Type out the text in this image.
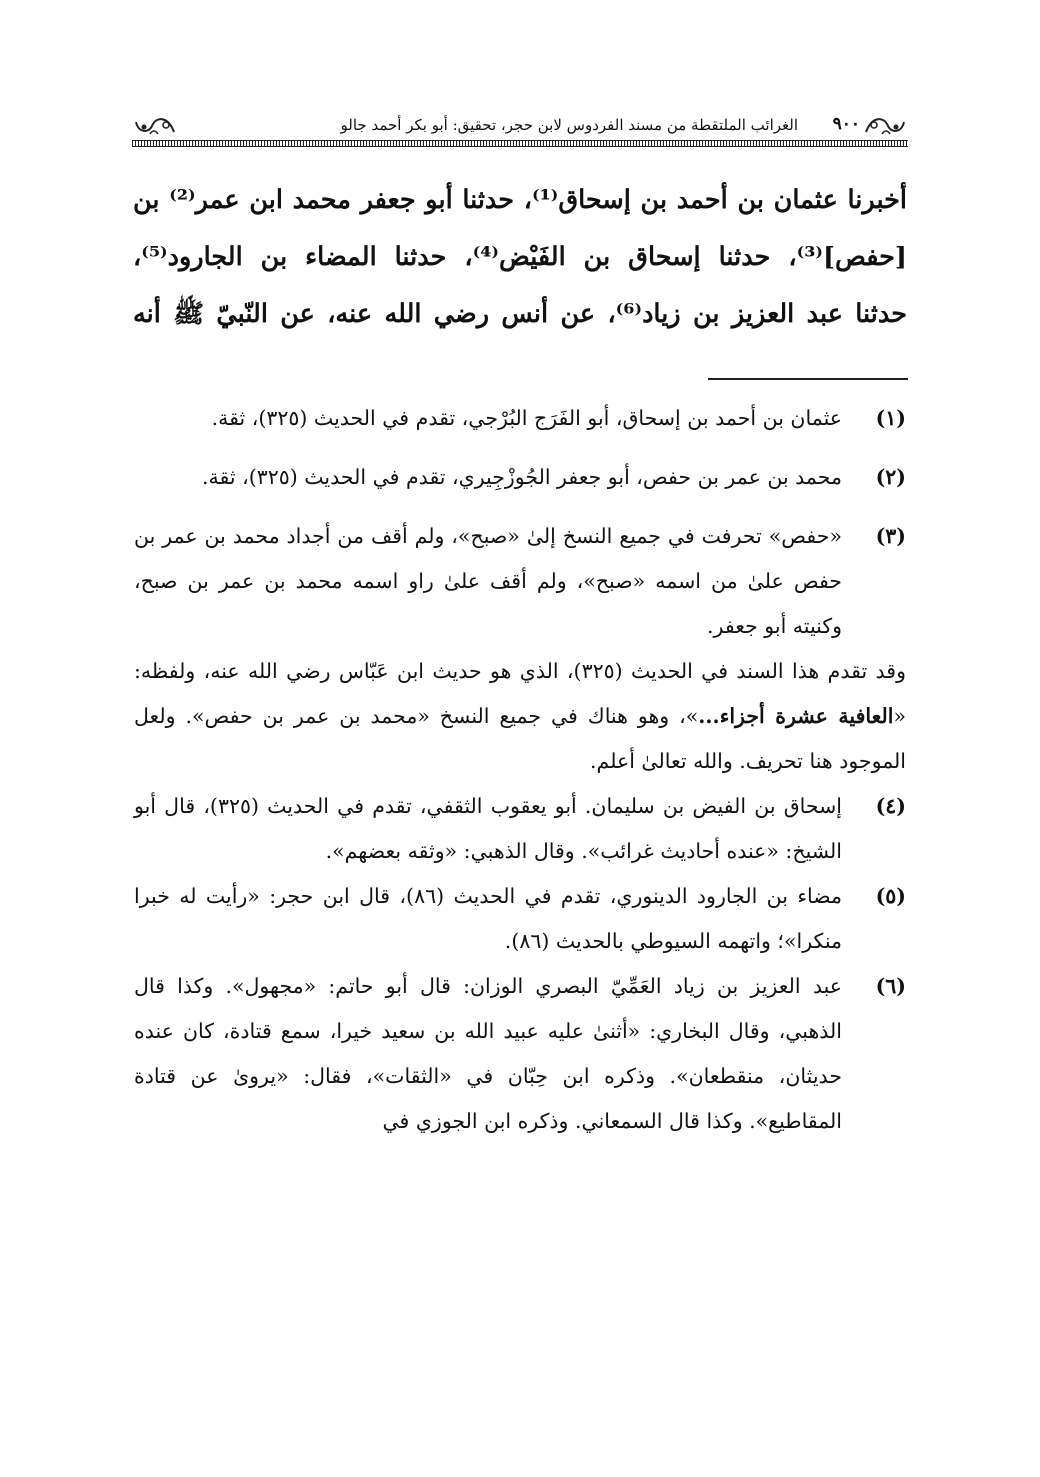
٩٠٠
الغرائب الملتقطة من مسند الفردوس لابن حجر، تحقيق: أبو بكر أحمد جالو

أخبرنا عثمان بن أحمد بن إسحاق⁽¹⁾، حدثنا أبو جعفر محمد ابن عمر⁽²⁾ بن

[حفص]⁽³⁾، حدثنا إسحاق بن الفَيْض⁽⁴⁾، حدثنا المضاء بن الجارود⁽⁵⁾،

حدثنا عبد العزيز بن زياد⁽⁶⁾، عن أنس رضي الله عنه، عن النّبيّ ﷺ أنه

(١)
عثمان بن أحمد بن إسحاق، أبو الفَرَج البُرْجي، تقدم في الحديث (٣٢٥)، ثقة.
(٢)
محمد بن عمر بن حفص، أبو جعفر الجُوزْجِيري، تقدم في الحديث (٣٢٥)، ثقة.
(٣)
«حفص» تحرفت في جميع النسخ إلىٰ «صبح»، ولم أقف من أجداد محمد بن عمر بن حفص علىٰ من اسمه «صبح»، ولم أقف علىٰ راو اسمه محمد بن عمر بن صبح، وكنيته أبو جعفر.

وقد تقدم هذا السند في الحديث (٣٢٥)، الذي هو حديث ابن عَبّاس رضي الله عنه، ولفظه: «العافية عشرة أجزاء...»، وهو هناك في جميع النسخ «محمد بن عمر بن حفص». ولعل الموجود هنا تحريف. والله تعالىٰ أعلم.

(٤)
إسحاق بن الفيض بن سليمان. أبو يعقوب الثقفي، تقدم في الحديث (٣٢٥)، قال أبو الشيخ: «عنده أحاديث غرائب». وقال الذهبي: «وثقه بعضهم».
(٥)
مضاء بن الجارود الدينوري، تقدم في الحديث (٨٦)، قال ابن حجر: «رأيت له خبرا منكرا»؛ واتهمه السيوطي بالحديث (٨٦).
(٦)
عبد العزيز بن زياد العَمِّيّ البصري الوزان: قال أبو حاتم: «مجهول». وكذا قال الذهبي، وقال البخاري: «أثنىٰ عليه عبيد الله بن سعيد خيرا، سمع قتادة، كان عنده حديثان، منقطعان». وذكره ابن حِبّان في «الثقات»، فقال: «يروىٰ عن قتادة المقاطيع». وكذا قال السمعاني. وذكره ابن الجوزي في
